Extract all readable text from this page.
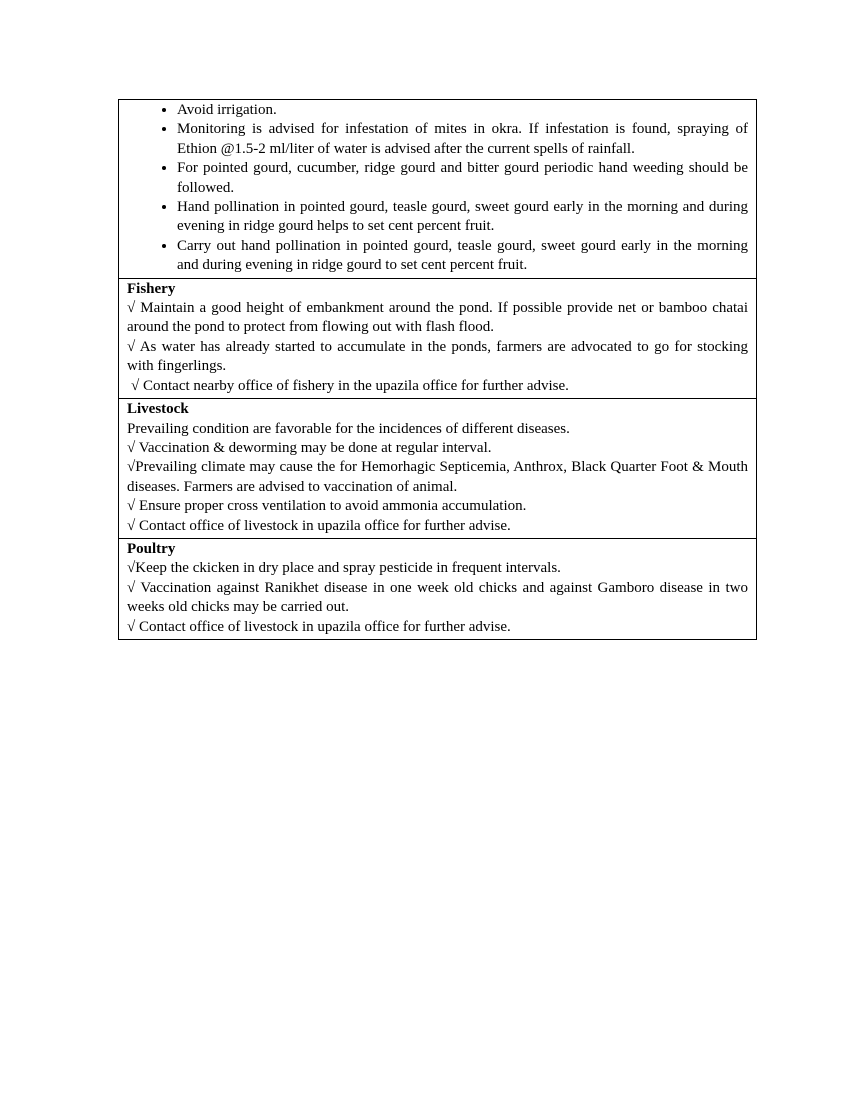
• Avoid irrigation.
• Monitoring is advised for infestation of mites in okra. If infestation is found, spraying of Ethion @1.5-2 ml/liter of water is advised after the current spells of rainfall.
• For pointed gourd, cucumber, ridge gourd and bitter gourd periodic hand weeding should be followed.
• Hand pollination in pointed gourd, teasle gourd, sweet gourd early in the morning and during evening in ridge gourd helps to set cent percent fruit.
• Carry out hand pollination in pointed gourd, teasle gourd, sweet gourd early in the morning and during evening in ridge gourd to set cent percent fruit.

Fishery
√ Maintain a good height of embankment around the pond. If possible provide net or bamboo chatai around the pond to protect from flowing out with flash flood.
√ As water has already started to accumulate in the ponds, farmers are advocated to go for stocking with fingerlings.
√ Contact nearby office of fishery in the upazila office for further advise.

Livestock
Prevailing condition are favorable for the incidences of different diseases.
√ Vaccination & deworming may be done at regular interval.
√Prevailing climate may cause the for Hemorhagic Septicemia, Anthrox, Black Quarter Foot & Mouth diseases. Farmers are advised to vaccination of animal.
√ Ensure proper cross ventilation to avoid ammonia accumulation.
√ Contact office of livestock in upazila office for further advise.

Poultry
√Keep the ckicken in dry place and spray pesticide in frequent intervals.
√ Vaccination against Ranikhet disease in one week old chicks and against Gamboro disease in two weeks old chicks may be carried out.
√ Contact office of livestock in upazila office for further advise.
